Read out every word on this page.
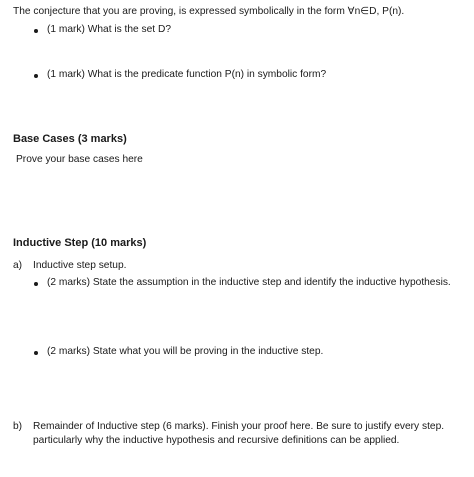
The conjecture that you are proving, is expressed symbolically in the form ∀n∈D, P(n).
(1 mark) What is the set D?
(1 mark) What is the predicate function P(n) in symbolic form?
Base Cases (3 marks)
Prove your base cases here
Inductive Step (10 marks)
a) Inductive step setup.
(2 marks) State the assumption in the inductive step and identify the inductive hypothesis.
(2 marks) State what you will be proving in the inductive step.
b) Remainder of Inductive step (6 marks). Finish your proof here. Be sure to justify every step.
particularly why the inductive hypothesis and recursive definitions can be applied.
